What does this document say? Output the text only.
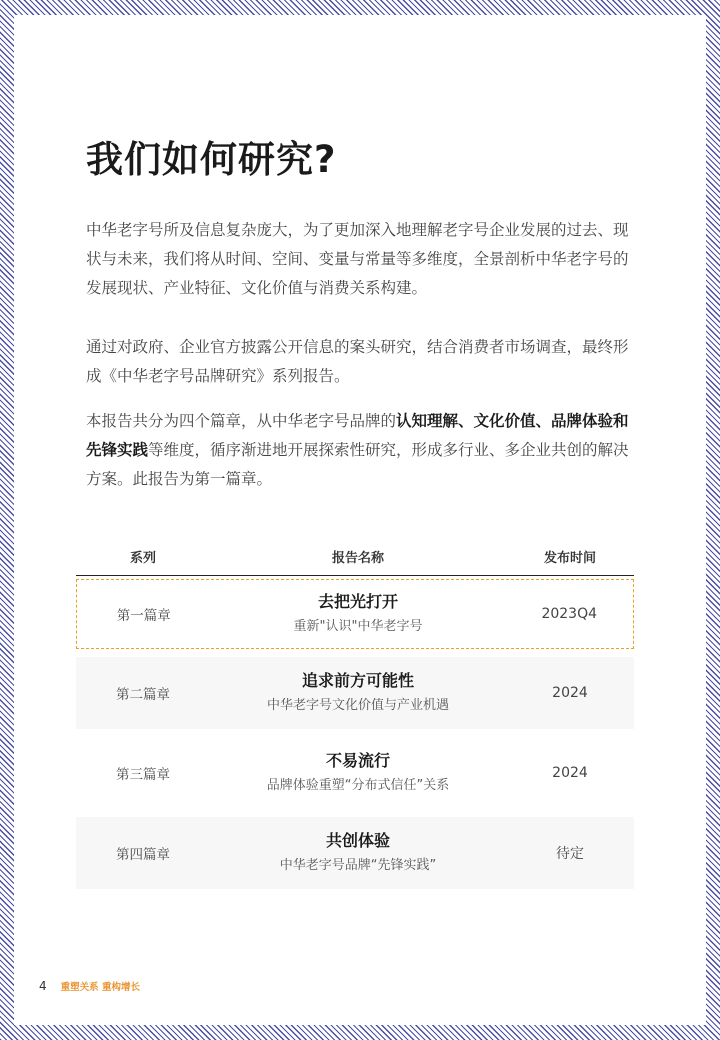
我们如何研究?

中华老字号所及信息复杂庞大，为了更加深入地理解老字号企业发展的过去、现状与未来，我们将从时间、空间、变量与常量等多维度，全景剖析中华老字号的发展现状、产业特征、文化价值与消费关系构建。

通过对政府、企业官方披露公开信息的案头研究，结合消费者市场调查，最终形成《中华老字号品牌研究》系列报告。

本报告共分为四个篇章，从中华老字号品牌的认知理解、文化价值、品牌体验和先锋实践等维度，循序渐进地开展探索性研究，形成多行业、多企业共创的解决方案。此报告为第一篇章。

系列	报告名称	发布时间
第一篇章
去把光打开
重新"认识"中华老字号
2023Q4
第二篇章
追求前方可能性
中华老字号文化价值与产业机遇
2024
第三篇章
不易流行
品牌体验重塑“分布式信任”关系
2024
第四篇章
共创体验
中华老字号品牌“先锋实践”
待定
4 重塑关系 重构增长
